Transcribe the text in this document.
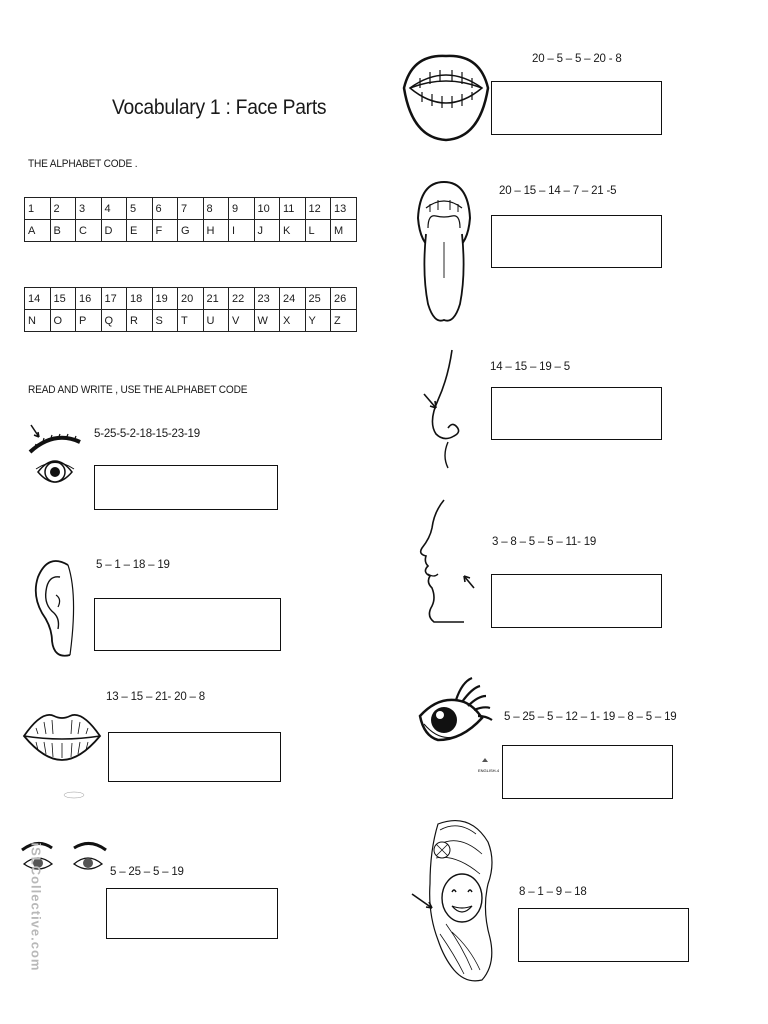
Vocabulary 1 : Face Parts
THE ALPHABET CODE .
1	2	3	4	5	6	7	8	9	10	11	12	13
A	B	C	D	E	F	G	H	I	J	K	L	M
14	15	16	17	18	19	20	21	22	23	24	25	26
N	O	P	Q	R	S	T	U	V	W	X	Y	Z
READ AND WRITE , USE THE ALPHABET CODE
5-25-5-2-18-15-23-19
5 – 1 – 18 – 19
13 – 15 – 21- 20 – 8
5 – 25 – 5 – 19
20 – 5 – 5 – 20 - 8
20 – 15 – 14 – 7 – 21 -5
14 – 15 – 19 – 5
3 – 8 – 5 – 5 – 11- 19
ENGLISH-4
5 – 25 – 5 – 12 – 1- 19 – 8 – 5 – 19
8 – 1 – 9 – 18
iSLCollective.com
